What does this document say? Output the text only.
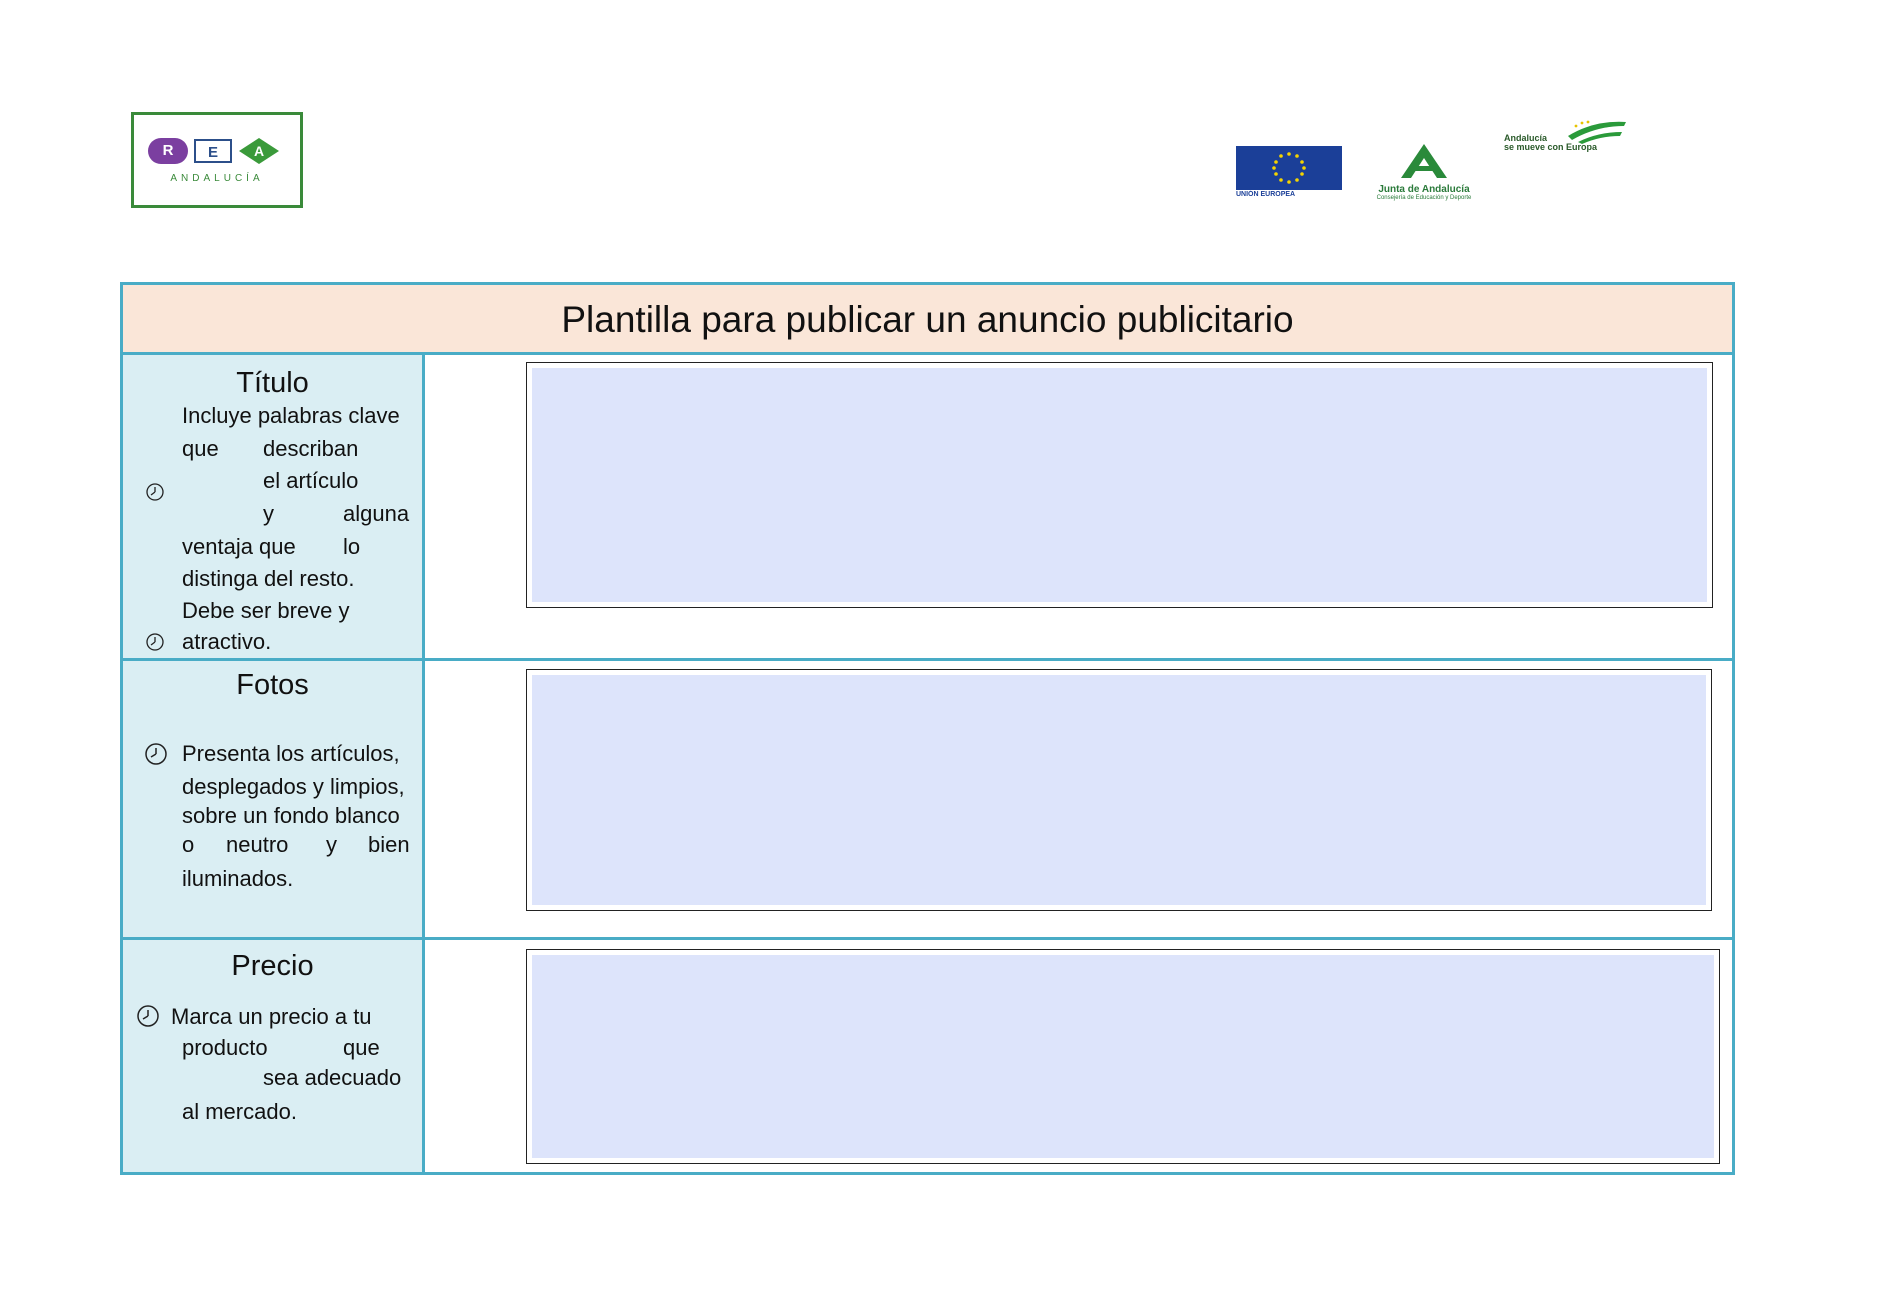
R	E	A
ANDALUCÍA
UNIÓN EUROPEA	Junta de Andalucía
Consejería de Educación y Deporte
Andalucía
se mueve con Europa
Plantilla para publicar un anuncio publicitario
Título
Incluye palabras clave
que describan
el artículo
y	alguna
ventaja que lo
distinga del resto.
Debe ser breve y
atractivo.
Fotos
Presenta los artículos,
desplegados y limpios,
sobre un fondo blanco
o neutro y bien
iluminados.
Precio
Marca un precio a tu
producto	que
sea adecuado
al mercado.
